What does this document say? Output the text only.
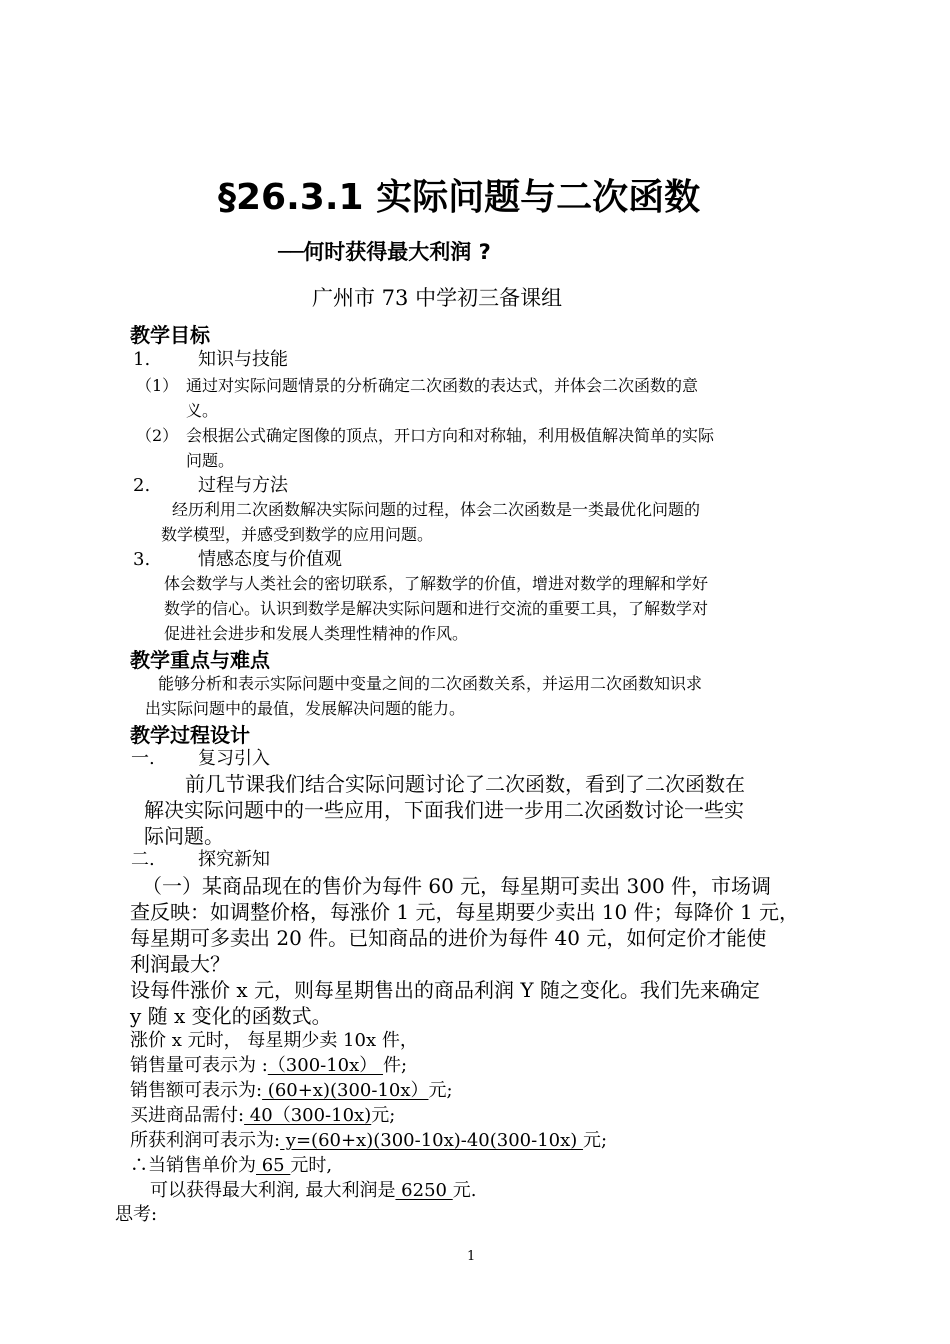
§26.3.1 实际问题与二次函数
──何时获得最大利润 ?
广州市 73 中学初三备课组
教学目标
1.	知识与技能
（1） 通过对实际问题情景的分析确定二次函数的表达式，并体会二次函数的意
义。
（2） 会根据公式确定图像的顶点，开口方向和对称轴，利用极值解决简单的实际
问题。
2.	过程与方法
经历利用二次函数解决实际问题的过程，体会二次函数是一类最优化问题的
数学模型，并感受到数学的应用问题。
3.	情感态度与价值观
体会数学与人类社会的密切联系，了解数学的价值，增进对数学的理解和学好
数学的信心。认识到数学是解决实际问题和进行交流的重要工具，了解数学对
促进社会进步和发展人类理性精神的作风。
教学重点与难点
能够分析和表示实际问题中变量之间的二次函数关系，并运用二次函数知识求
出实际问题中的最值，发展解决问题的能力。
教学过程设计
一. 复习引入
前几节课我们结合实际问题讨论了二次函数，看到了二次函数在
解决实际问题中的一些应用，下面我们进一步用二次函数讨论一些实
际问题。
二. 探究新知
（一）某商品现在的售价为每件 60 元，每星期可卖出 300 件，市场调
查反映：如调整价格，每涨价 1 元，每星期要少卖出 10 件；每降价 1 元，
每星期可多卖出 20 件。已知商品的进价为每件 40 元，如何定价才能使
利润最大？
设每件涨价 x 元，则每星期售出的商品利润 Y 随之变化。我们先来确定
y 随 x 变化的函数式。
涨价 x 元时， 每星期少卖 10x 件，
销售量可表示为 :（300-10x） 件;
销售额可表示为: (60+x)(300-10x）元;
买进商品需付: 40（300-10x)元;
所获利润可表示为: y=(60+x)(300-10x)-40(300-10x) 元;
∴当销售单价为 65 元时,
可以获得最大利润, 最大利润是 6250 元.
思考:
1
